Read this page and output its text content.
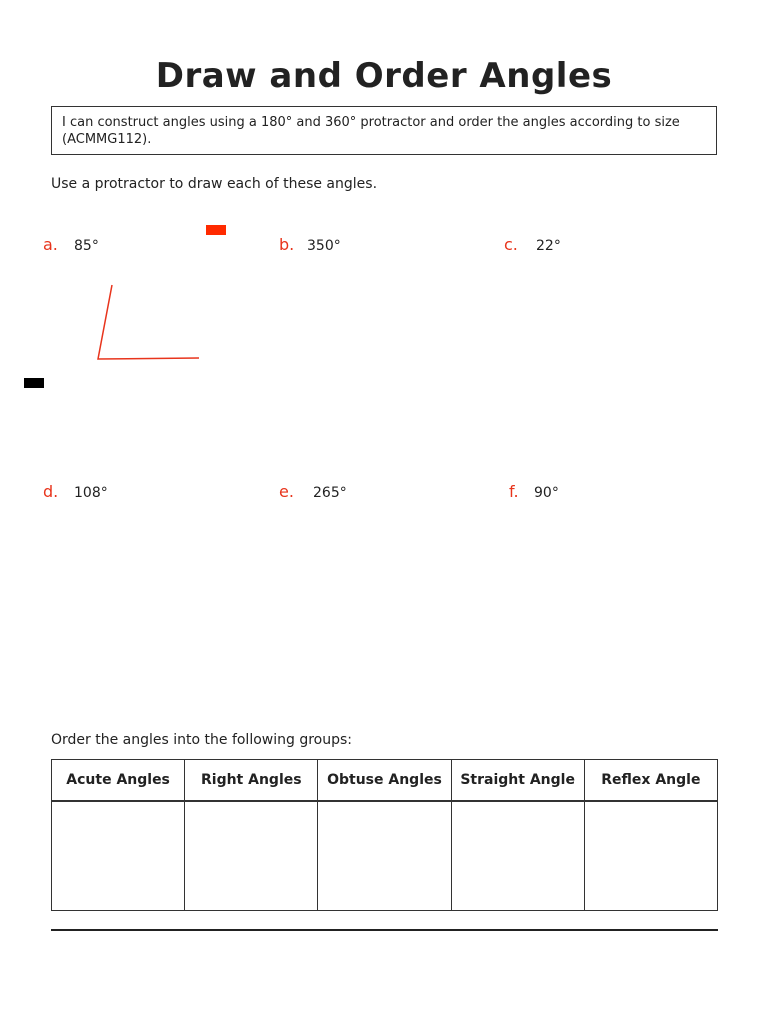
Draw and Order Angles
I can construct angles using a 180° and 360° protractor and order the angles according to size (ACMMG112).
Use a protractor to draw each of these angles.
a. 85°	b. 350°	c. 22°
d. 108°	e. 265°	f. 90°
Order the angles into the following groups:
Acute Angles	Right Angles	Obtuse Angles	Straight Angle	Reflex Angle
